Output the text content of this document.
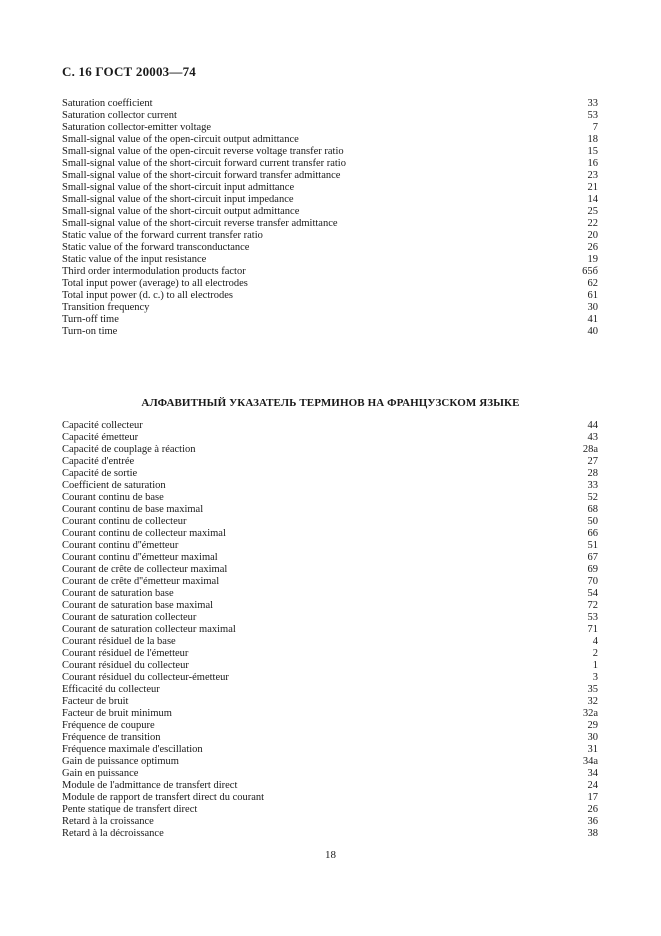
С. 16 ГОСТ 20003—74
Saturation coefficient	33
Saturation collector current	53
Saturation collector-emitter voltage	7
Small-signal value of the open-circuit output admittance	18
Small-signal value of the open-circuit reverse voltage transfer ratio	15
Small-signal value of the short-circuit forward current transfer ratio	16
Small-signal value of the short-circuit forward transfer admittance	23
Small-signal value of the short-circuit input admittance	21
Small-signal value of the short-circuit input impedance	14
Small-signal value of the short-circuit output admittance	25
Small-signal value of the short-circuit reverse transfer admittance	22
Static value of the forward current transfer ratio	20
Static value of the forward transconductance	26
Static value of the input resistance	19
Third order intermodulation products factor	65б
Total input power (average) to all electrodes	62
Total input power (d. c.) to all electrodes	61
Transition frequency	30
Turn-off time	41
Turn-on time	40
АЛФАВИТНЫЙ УКАЗАТЕЛЬ ТЕРМИНОВ НА ФРАНЦУЗСКОМ ЯЗЫКЕ
Capacité collecteur	44
Capacité émetteur	43
Capacité de couplage à réaction	28а
Capacité d'entrée	27
Capacité de sortie	28
Coefficient de saturation	33
Courant continu de base	52
Courant continu de base maximal	68
Courant continu de collecteur	50
Courant continu de collecteur maximal	66
Courant continu d''émetteur	51
Courant continu d''émetteur maximal	67
Courant de crête de collecteur maximal	69
Courant de crête d''émetteur maximal	70
Courant de saturation base	54
Courant de saturation base maximal	72
Courant de saturation collecteur	53
Courant de saturation collecteur maximal	71
Courant résiduel de la base	4
Courant résiduel de l'émetteur	2
Courant résiduel du collecteur	1
Courant résiduel du collecteur-émetteur	3
Efficacité du collecteur	35
Facteur de bruit	32
Facteur de bruit minimum	32а
Fréquence de coupure	29
Fréquence de transition	30
Fréquence maximale d'escillation	31
Gain de puissance optimum	34а
Gain en puissance	34
Module de l'admittance de transfert direct	24
Module de rapport de transfert direct du courant	17
Pente statique de transfert direct	26
Retard à la croissance	36
Retard à la décroissance	38
18
